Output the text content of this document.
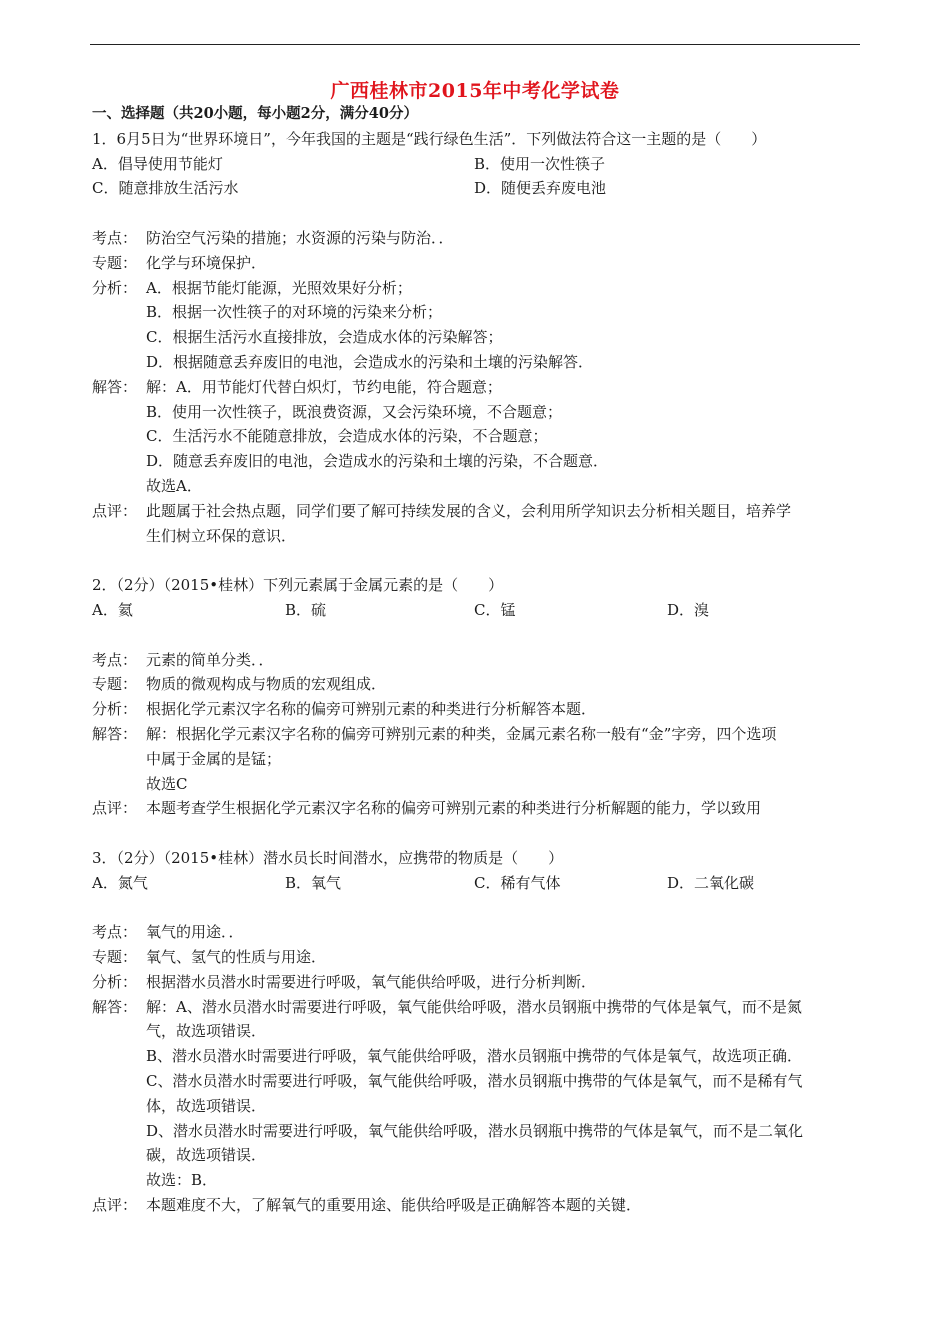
广西桂林市2015年中考化学试卷
一、选择题（共20小题，每小题2分，满分40分）
1．6月5日为“世界环境日”，今年我国的主题是“践行绿色生活”．下列做法符合这一主题的是（　　）
A．倡导使用节能灯	B．使用一次性筷子
C．随意排放生活污水	D．随便丢弃废电池
考点： 防治空气污染的措施；水资源的污染与防治．．
专题： 化学与环境保护．
分析： A．根据节能灯能源，光照效果好分析；
B．根据一次性筷子的对环境的污染来分析；
C．根据生活污水直接排放，会造成水体的污染解答；
D．根据随意丢弃废旧的电池，会造成水的污染和土壤的污染解答．
解答： 解：A．用节能灯代替白炽灯，节约电能，符合题意；
B．使用一次性筷子，既浪费资源，又会污染环境，不合题意；
C．生活污水不能随意排放，会造成水体的污染，不合题意；
D．随意丢弃废旧的电池，会造成水的污染和土壤的污染，不合题意．
故选A．
点评： 此题属于社会热点题，同学们要了解可持续发展的含义，会利用所学知识去分析相关题目，培养学
生们树立环保的意识．
2．（2分）（2015•桂林）下列元素属于金属元素的是（　　）
A．氦	B．硫	C．锰	D．溴
考点： 元素的简单分类．．
专题： 物质的微观构成与物质的宏观组成．
分析： 根据化学元素汉字名称的偏旁可辨别元素的种类进行分析解答本题．
解答： 解：根据化学元素汉字名称的偏旁可辨别元素的种类，金属元素名称一般有“金”字旁，四个选项
中属于金属的是锰；
故选C
点评： 本题考查学生根据化学元素汉字名称的偏旁可辨别元素的种类进行分析解题的能力，学以致用
3．（2分）（2015•桂林）潜水员长时间潜水，应携带的物质是（　　）
A．氮气	B．氧气	C．稀有气体	D．二氧化碳
考点： 氧气的用途．．
专题： 氧气、氢气的性质与用途．
分析： 根据潜水员潜水时需要进行呼吸，氧气能供给呼吸，进行分析判断．
解答： 解：A、潜水员潜水时需要进行呼吸，氧气能供给呼吸，潜水员钢瓶中携带的气体是氧气，而不是氮
气，故选项错误．
B、潜水员潜水时需要进行呼吸，氧气能供给呼吸，潜水员钢瓶中携带的气体是氧气，故选项正确．
C、潜水员潜水时需要进行呼吸，氧气能供给呼吸，潜水员钢瓶中携带的气体是氧气，而不是稀有气
体，故选项错误．
D、潜水员潜水时需要进行呼吸，氧气能供给呼吸，潜水员钢瓶中携带的气体是氧气，而不是二氧化
碳，故选项错误．
故选：B．
点评： 本题难度不大，了解氧气的重要用途、能供给呼吸是正确解答本题的关键．
